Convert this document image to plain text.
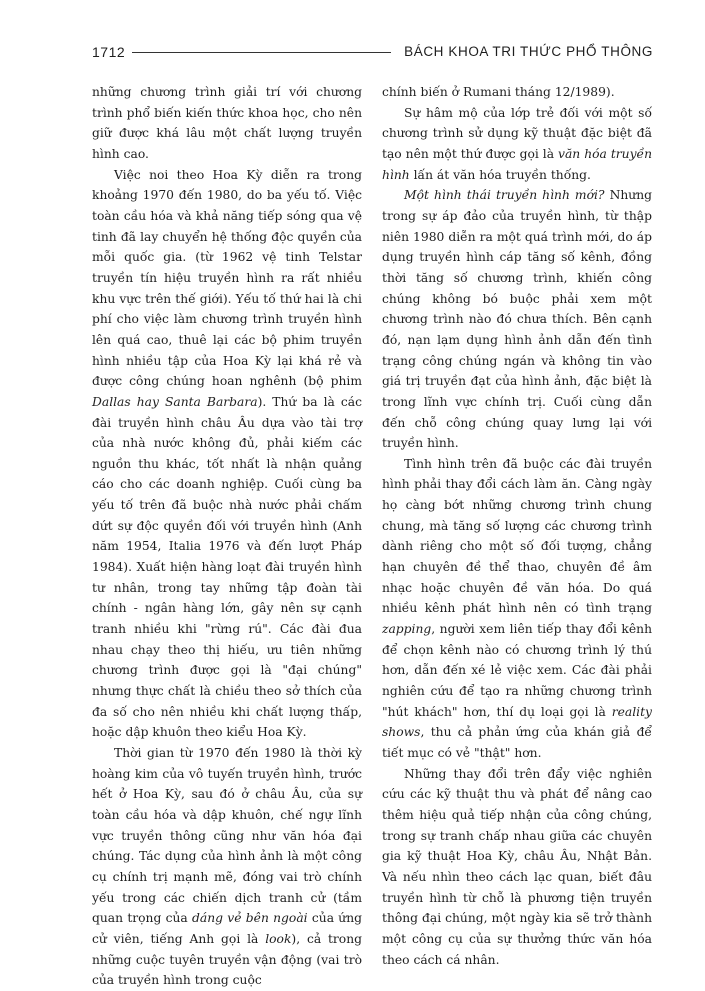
1712	BÁCH KHOA TRI THỨC PHỔ THÔNG

những chương trình giải trí với chương trình phổ biến kiến thức khoa học, cho nên giữ được khá lâu một chất lượng truyền hình cao.

Việc noi theo Hoa Kỳ diễn ra trong khoảng 1970 đến 1980, do ba yếu tố. Việc toàn cầu hóa và khả năng tiếp sóng qua vệ tinh đã lay chuyển hệ thống độc quyền của mỗi quốc gia. (từ 1962 vệ tinh Telstar truyền tín hiệu truyền hình ra rất nhiều khu vực trên thế giới). Yếu tố thứ hai là chi phí cho việc làm chương trình truyền hình lên quá cao, thuê lại các bộ phim truyền hình nhiều tập của Hoa Kỳ lại khá rẻ và được công chúng hoan nghênh (bộ phim Dallas hay Santa Barbara). Thứ ba là các đài truyền hình châu Âu dựa vào tài trợ của nhà nước không đủ, phải kiếm các nguồn thu khác, tốt nhất là nhận quảng cáo cho các doanh nghiệp. Cuối cùng ba yếu tố trên đã buộc nhà nước phải chấm dứt sự độc quyền đối với truyền hình (Anh năm 1954, Italia 1976 và đến lượt Pháp 1984). Xuất hiện hàng loạt đài truyền hình tư nhân, trong tay những tập đoàn tài chính - ngân hàng lớn, gây nên sự cạnh tranh nhiều khi "rừng rú". Các đài đua nhau chạy theo thị hiếu, ưu tiên những chương trình được gọi là "đại chúng" nhưng thực chất là chiều theo sở thích của đa số cho nên nhiều khi chất lượng thấp, hoặc dập khuôn theo kiểu Hoa Kỳ.

Thời gian từ 1970 đến 1980 là thời kỳ hoàng kim của vô tuyến truyền hình, trước hết ở Hoa Kỳ, sau đó ở châu Âu, của sự toàn cầu hóa và dập khuôn, chế ngự lĩnh vực truyền thông cũng như văn hóa đại chúng. Tác dụng của hình ảnh là một công cụ chính trị mạnh mẽ, đóng vai trò chính yếu trong các chiến dịch tranh cử (tầm quan trọng của dáng vẻ bên ngoài của ứng cử viên, tiếng Anh gọi là look), cả trong những cuộc tuyên truyền vận động (vai trò của truyền hình trong cuộc

chính biến ở Rumani tháng 12/1989).

Sự hâm mộ của lớp trẻ đối với một số chương trình sử dụng kỹ thuật đặc biệt đã tạo nên một thứ được gọi là văn hóa truyền hình lấn át văn hóa truyền thống.

Một hình thái truyền hình mới? Nhưng trong sự áp đảo của truyền hình, từ thập niên 1980 diễn ra một quá trình mới, do áp dụng truyền hình cáp tăng số kênh, đồng thời tăng số chương trình, khiến công chúng không bó buộc phải xem một chương trình nào đó chưa thích. Bên cạnh đó, nạn lạm dụng hình ảnh dẫn đến tình trạng công chúng ngán và không tin vào giá trị truyền đạt của hình ảnh, đặc biệt là trong lĩnh vực chính trị. Cuối cùng dẫn đến chỗ công chúng quay lưng lại với truyền hình.

Tình hình trên đã buộc các đài truyền hình phải thay đổi cách làm ăn. Càng ngày họ càng bớt những chương trình chung chung, mà tăng số lượng các chương trình dành riêng cho một số đối tượng, chẳng hạn chuyên đề thể thao, chuyên đề âm nhạc hoặc chuyên đề văn hóa. Do quá nhiều kênh phát hình nên có tình trạng zapping, người xem liên tiếp thay đổi kênh để chọn kênh nào có chương trình lý thú hơn, dẫn đến xé lẻ việc xem. Các đài phải nghiên cứu để tạo ra những chương trình "hút khách" hơn, thí dụ loại gọi là reality shows, thu cả phản ứng của khán giả để tiết mục có vẻ "thật" hơn.

Những thay đổi trên đẩy việc nghiên cứu các kỹ thuật thu và phát để nâng cao thêm hiệu quả tiếp nhận của công chúng, trong sự tranh chấp nhau giữa các chuyên gia kỹ thuật Hoa Kỳ, châu Âu, Nhật Bản. Và nếu nhìn theo cách lạc quan, biết đâu truyền hình từ chỗ là phương tiện truyền thông đại chúng, một ngày kia sẽ trở thành một công cụ của sự thưởng thức văn hóa theo cách cá nhân.
